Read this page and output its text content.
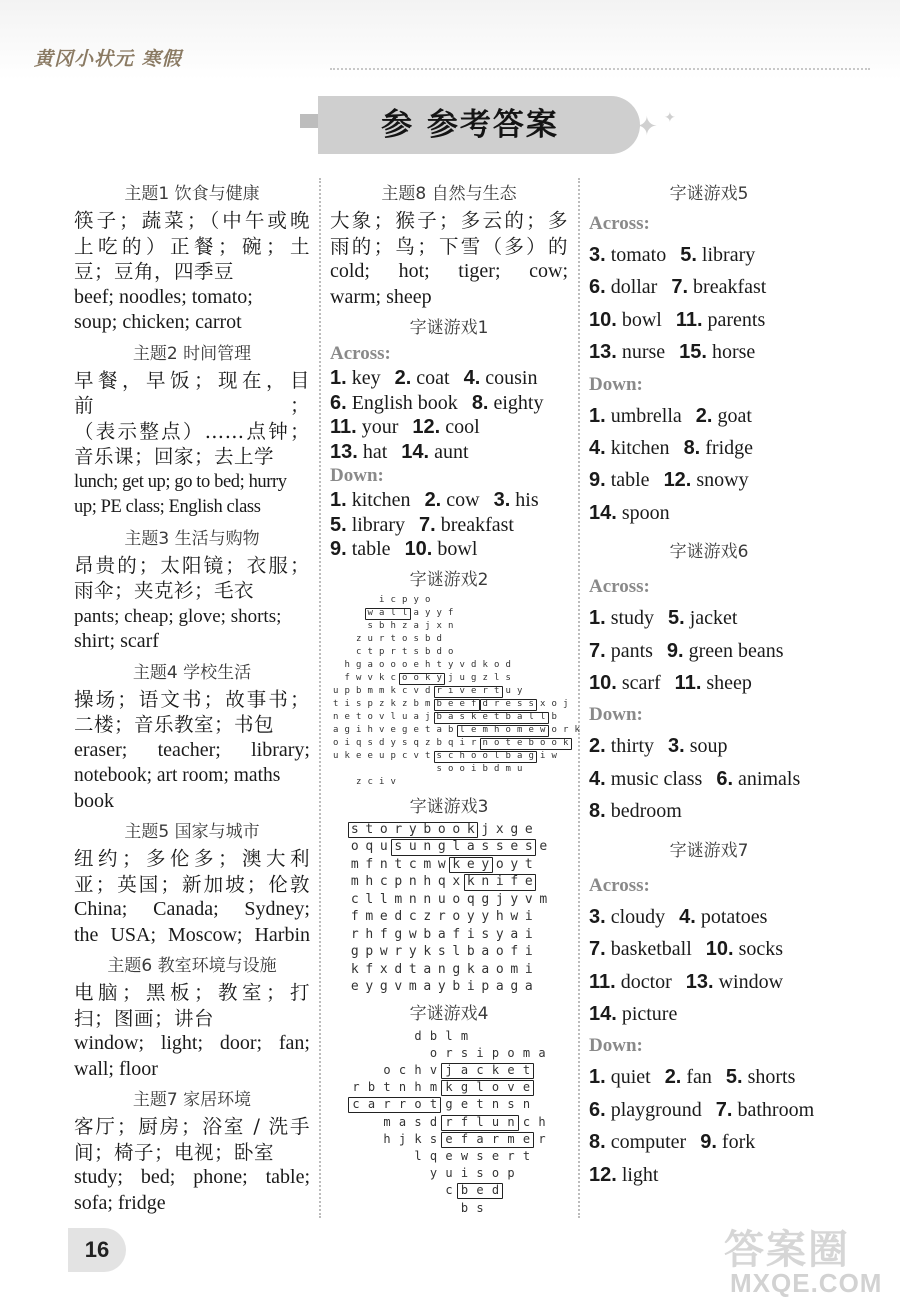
黄冈小状元 寒假
参 参考答案	✦ ✦
主题1 饮食与健康

筷子；蔬菜；（中午或晚

上吃的）正餐；碗；土

豆；豆角，四季豆

beef; noodles; tomato;

soup; chicken; carrot

主题2 时间管理

早餐，早饭；现在，目前；

（表示整点）……点钟；

音乐课；回家；去上学

lunch; get up; go to bed; hurry

up; PE class; English class

主题3 生活与购物

昂贵的；太阳镜；衣服；

雨伞；夹克衫；毛衣

pants; cheap; glove; shorts;

shirt; scarf

主题4 学校生活

操场；语文书；故事书；

二楼；音乐教室；书包

eraser; teacher; library;

notebook; art room; maths

book

主题5 国家与城市

纽约；多伦多；澳大利

亚；英国；新加坡；伦敦

China; Canada; Sydney;

the USA; Moscow; Harbin

主题6 教室环境与设施

电脑；黑板；教室；打

扫；图画；讲台

window; light; door; fan;

wall; floor

主题7 家居环境

客厅；厨房；浴室 / 洗手

间；椅子；电视；卧室

study; bed; phone; table;

sofa; fridge

主题8 自然与生态

大象；猴子；多云的；多

雨的；鸟；下雪（多）的

cold; hot; tiger; cow;

warm; sheep

字谜游戏1
Across:
1. key 2. coat 4. cousin
6. English book 8. eighty
11. your 12. cool
13. hat 14. aunt
Down:
1. kitchen 2. cow 3. his
5. library 7. breakfast
9. table 10. bowl
字谜游戏2
i c p y o
w a l l a y y f
s b h z a j x n
z u r t o s b d
c t p r t s b d o
h g a o o o e h t y v d k o d
f w v k c o o k y j u g z l s
u p b m m k c v d r i v e r t u y
t i s p z k z b m b e e f d r e s s x o j
n e t o v l u a j b a s k e t b a l l b
a g i h v e g e t a b l e m h o m e w o r k
o i q s d y s q z b q i r n o t e b o o k
u k e e u p c v t s c h o o l b a g i w
s o o i b d m u
z c i v
字谜游戏3
s t o r y b o o k j x g e
o q u s u n g l a s s e s e
m f n t c m w k e y o y t
m h c p n h q x k n i f e
c l l m n n u o q g j y v m
f m e d c z r o y y h w i
r h f g w b a f i s y a i
g p w r y k s l b a o f i
k f x d t a n g k a o m i
e y g v m a y b i p a g a
字谜游戏4
d b l m
o r s i p o m a
o c h v j a c k e t
r b t n h m k g l o v e
c a r r o t g e t n s n
m a s d r f l u n c h
h j k s e f a r m e r
l q e w s e r t
y u i s o p
c b e d
b s
字谜游戏5
Across:
3. tomato 5. library
6. dollar 7. breakfast
10. bowl 11. parents
13. nurse 15. horse
Down:
1. umbrella 2. goat
4. kitchen 8. fridge
9. table 12. snowy
14. spoon
字谜游戏6
Across:
1. study 5. jacket
7. pants 9. green beans
10. scarf 11. sheep
Down:
2. thirty 3. soup
4. music class 6. animals
8. bedroom
字谜游戏7
Across:
3. cloudy 4. potatoes
7. basketball 10. socks
11. doctor 13. window
14. picture
Down:
1. quiet 2. fan 5. shorts
6. playground 7. bathroom
8. computer 9. fork
12. light
16	答案圈
MXQE.COM
